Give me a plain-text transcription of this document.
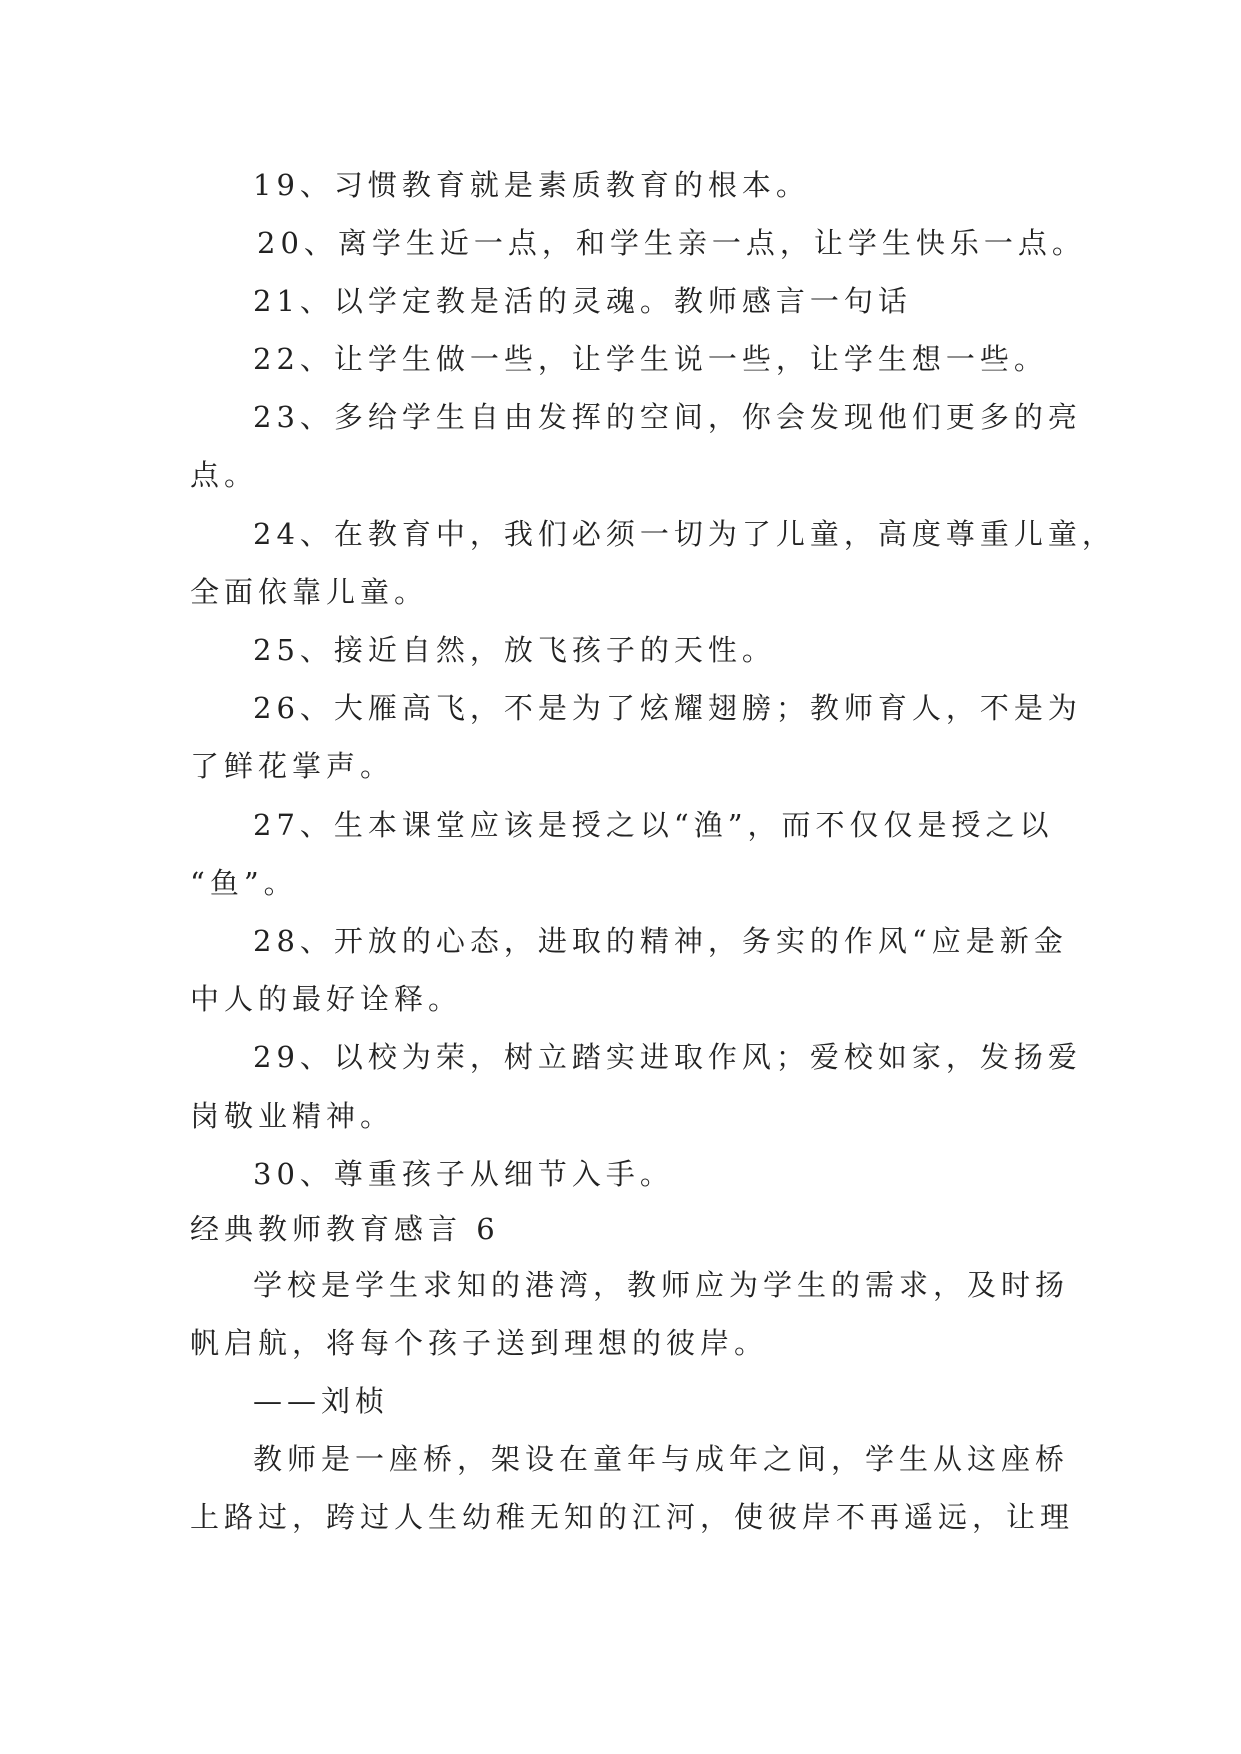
19、习惯教育就是素质教育的根本。
20、离学生近一点，和学生亲一点，让学生快乐一点。
21、以学定教是活的灵魂。教师感言一句话
22、让学生做一些，让学生说一些，让学生想一些。
23、多给学生自由发挥的空间，你会发现他们更多的亮
点。
24、在教育中，我们必须一切为了儿童，高度尊重儿童，
全面依靠儿童。
25、接近自然，放飞孩子的天性。
26、大雁高飞，不是为了炫耀翅膀；教师育人，不是为
了鲜花掌声。
27、生本课堂应该是授之以“渔”，而不仅仅是授之以
“鱼”。
28、开放的心态，进取的精神，务实的作风“应是新金
中人的最好诠释。
29、以校为荣，树立踏实进取作风；爱校如家，发扬爱
岗敬业精神。
30、尊重孩子从细节入手。
经典教师教育感言 6
学校是学生求知的港湾，教师应为学生的需求，及时扬
帆启航，将每个孩子送到理想的彼岸。
——刘桢
教师是一座桥，架设在童年与成年之间，学生从这座桥
上路过，跨过人生幼稚无知的江河，使彼岸不再遥远，让理
